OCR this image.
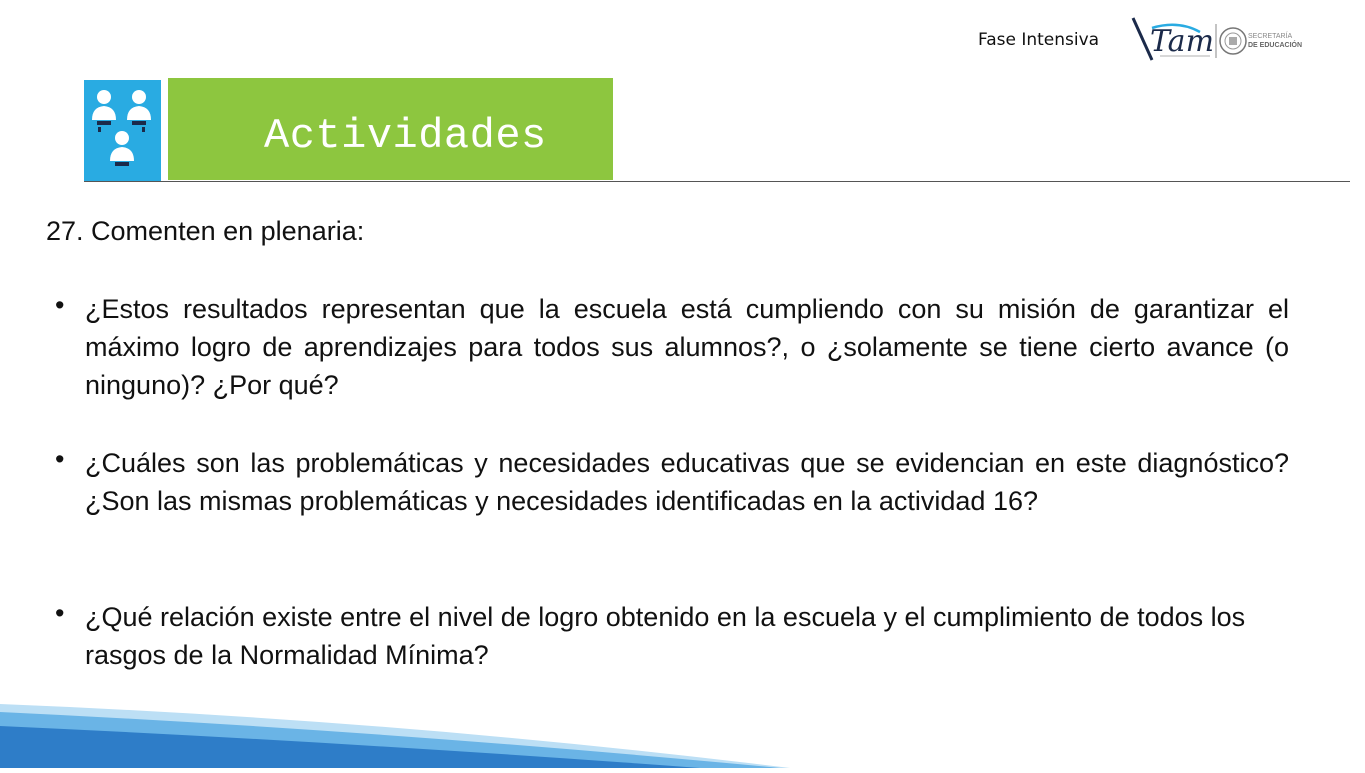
Fase Intensiva Tam	SECRETARÍA
DE EDUCACIÓN
Actividades
27. Comenten en plenaria:
• ¿Estos resultados representan que la escuela está cumpliendo con su misión de garantizar el máximo logro de aprendizajes para todos sus alumnos?, o ¿solamente se tiene cierto avance (o ninguno)? ¿Por qué?
• ¿Cuáles son las problemáticas y necesidades educativas que se evidencian en este diagnóstico? ¿Son las mismas problemáticas y necesidades identificadas en la actividad 16?
• ¿Qué relación existe entre el nivel de logro obtenido en la escuela y el cumplimiento de todos los rasgos de la Normalidad Mínima?
